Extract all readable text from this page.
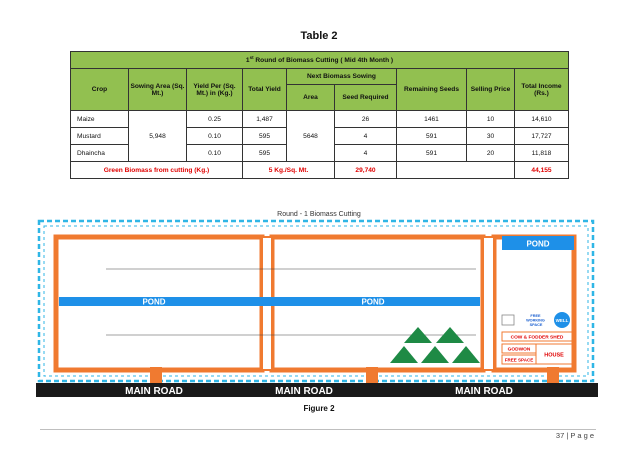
Table 2
1st Round of Biomass Cutting ( Mid 4th Month )								
Crop	Sowing Area (Sq. Mt.)	Yield Per (Sq. Mt.) in (Kg.)	Total Yield	Next Biomass Sowing		Remaining Seeds	Selling Price	Total Income (Rs.)
				Area	Seed Required			
Maize	5,948	0.25	1,487	5648	26	1461	10	14,610
Mustard		0.10	595		4	591	30	17,727
Dhaincha		0.10	595		4	591	20	11,818
Green Biomass from cutting (Kg.)			5 Kg./Sq. Mt.		29,740			44,155
Round - 1 Biomass Cutting
POND	POND
POND
FREE WORKING SPACE
WELL
COW & FODDER SHED
GODWON
HOUSE
FREE SPACE
MAIN ROAD	MAIN ROAD	MAIN ROAD
Figure 2
37 | P a g e
